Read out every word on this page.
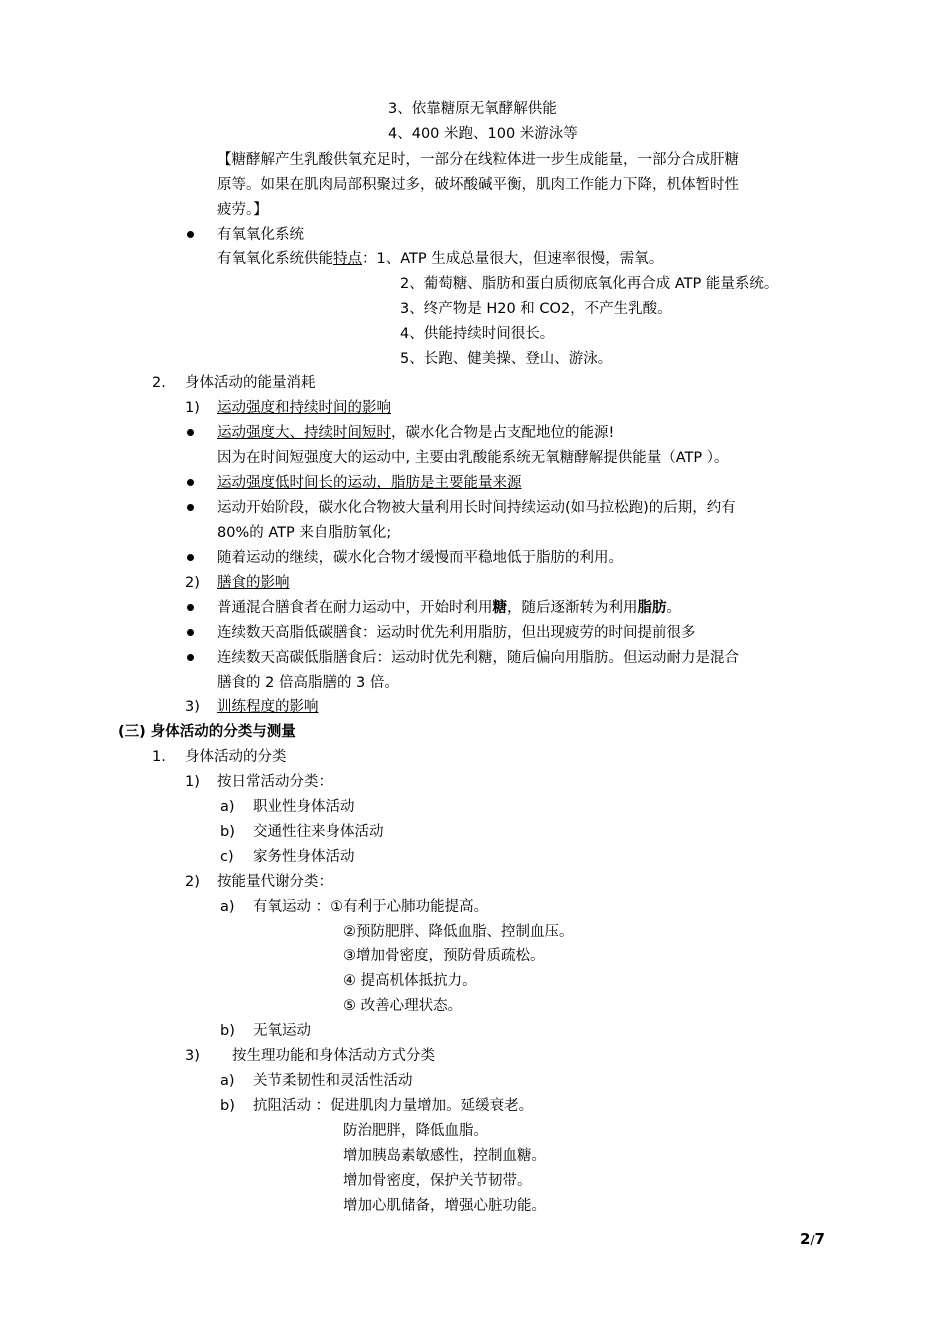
3、依靠糖原无氧酵解供能
4、400 米跑、100 米游泳等
【糖酵解产生乳酸供氧充足时，一部分在线粒体进一步生成能量，一部分合成肝糖
原等。如果在肌肉局部积聚过多，破坏酸碱平衡，肌肉工作能力下降，机体暂时性
疲劳。】
有氧氧化系统
有氧氧化系统供能特点：1、ATP 生成总量很大，但速率很慢，需氧。
2、葡萄糖、脂肪和蛋白质彻底氧化再合成 ATP 能量系统。
3、终产物是 H20 和 CO2，不产生乳酸。
4、供能持续时间很长。
5、长跑、健美操、登山、游泳。
2. 身体活动的能量消耗
1) 运动强度和持续时间的影响
运动强度大、持续时间短时，碳水化合物是占支配地位的能源!
因为在时间短强度大的运动中, 主要由乳酸能系统无氧糖酵解提供能量（ATP ）。
运动强度低时间长的运动，脂肪是主要能量来源
运动开始阶段，碳水化合物被大量利用长时间持续运动(如马拉松跑)的后期，约有
80%的 ATP 来自脂肪氧化;
随着运动的继续，碳水化合物才缓慢而平稳地低于脂肪的利用。
2) 膳食的影响
普通混合膳食者在耐力运动中，开始时利用糖，随后逐渐转为利用脂肪。
连续数天高脂低碳膳食：运动时优先利用脂肪，但出现疲劳的时间提前很多
连续数天高碳低脂膳食后：运动时优先利糖，随后偏向用脂肪。但运动耐力是混合
膳食的 2 倍高脂膳的 3 倍。
3) 训练程度的影响
(三) 身体活动的分类与测量
1. 身体活动的分类
1) 按日常活动分类：
a) 职业性身体活动
b) 交通性往来身体活动
c) 家务性身体活动
2) 按能量代谢分类：
a) 有氧运动 ：①有利于心肺功能提高。
②预防肥胖、降低血脂、控制血压。
③增加骨密度，预防骨质疏松。
④ 提高机体抵抗力。
⑤ 改善心理状态。
b) 无氧运动
3) 按生理功能和身体活动方式分类
a) 关节柔韧性和灵活性活动
b) 抗阻活动 ：促进肌肉力量增加。延缓衰老。
防治肥胖，降低血脂。
增加胰岛素敏感性，控制血糖。
增加骨密度，保护关节韧带。
增加心肌储备，增强心脏功能。
2/7
